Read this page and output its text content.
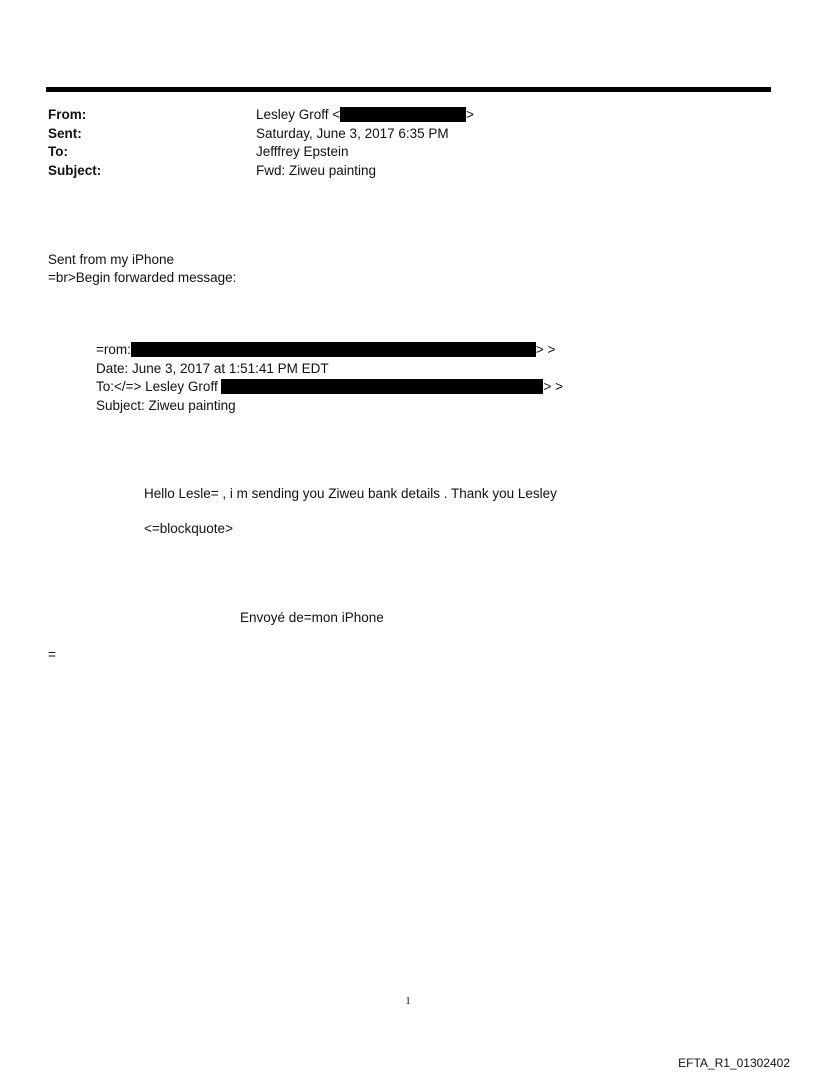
From:	Lesley Groff <	>
Sent:	Saturday, June 3, 2017 6:35 PM
To:	Jefffrey Epstein
Subject:	Fwd: Ziweu painting
Sent from my iPhone
=br>Begin forwarded message:
=rom:	> >
Date: June 3, 2017 at 1:51:41 PM EDT
To:</=> Lesley Groff	> >
Subject: Ziweu painting
Hello Lesle= , i m sending you Ziweu bank details . Thank you Lesley
<=blockquote>
Envoyé de=mon iPhone
=
1
EFTA_R1_01302402
